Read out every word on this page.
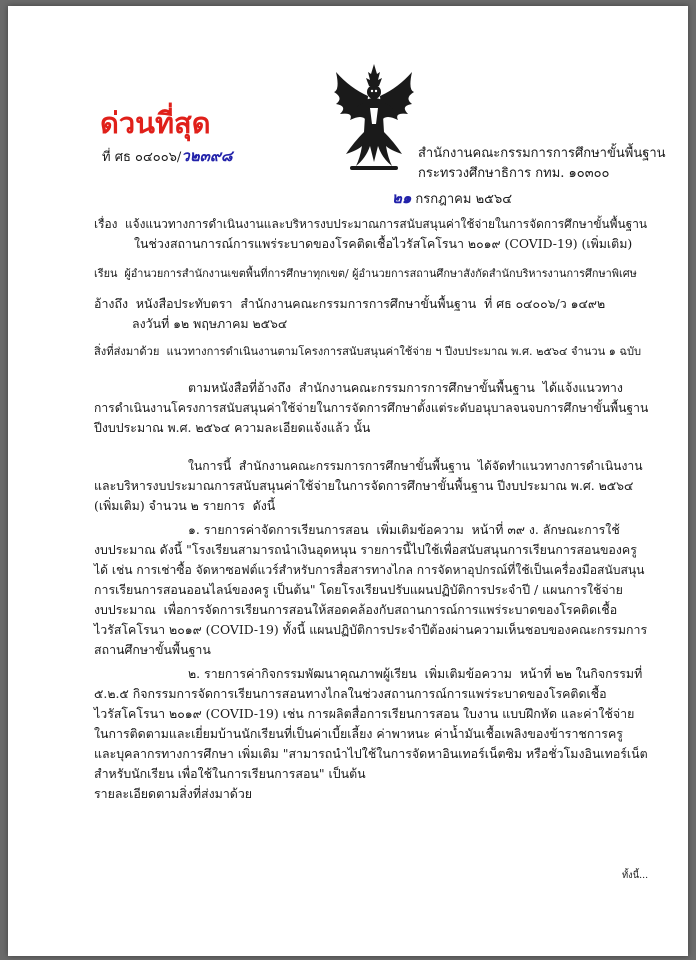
ด่วนที่สุด
ที่ ศธ ๐๔๐๐๖/ว๒๓๙๘	สำนักงานคณะกรรมการการศึกษาขั้นพื้นฐาน
กระทรวงศึกษาธิการ กทม. ๑๐๓๐๐
๒๑ กรกฎาคม ๒๕๖๔
เรื่อง  แจ้งแนวทางการดำเนินงานและบริหารงบประมาณการสนับสนุนค่าใช้จ่ายในการจัดการศึกษาขั้นพื้นฐาน
ในช่วงสถานการณ์การแพร่ระบาดของโรคติดเชื้อไวรัสโคโรนา ๒๐๑๙ (COVID-19) (เพิ่มเติม)
เรียน  ผู้อำนวยการสำนักงานเขตพื้นที่การศึกษาทุกเขต/ ผู้อำนวยการสถานศึกษาสังกัดสำนักบริหารงานการศึกษาพิเศษ
อ้างถึง  หนังสือประทับตรา  สำนักงานคณะกรรมการการศึกษาขั้นพื้นฐาน  ที่ ศธ ๐๔๐๐๖/ว ๑๔๙๒
ลงวันที่ ๑๒ พฤษภาคม ๒๕๖๔
สิ่งที่ส่งมาด้วย  แนวทางการดำเนินงานตามโครงการสนับสนุนค่าใช้จ่าย ฯ ปีงบประมาณ พ.ศ. ๒๕๖๔ จำนวน ๑ ฉบับ
ตามหนังสือที่อ้างถึง  สำนักงานคณะกรรมการการศึกษาขั้นพื้นฐาน  ได้แจ้งแนวทาง
การดำเนินงานโครงการสนับสนุนค่าใช้จ่ายในการจัดการศึกษาตั้งแต่ระดับอนุบาลจนจบการศึกษาขั้นพื้นฐาน
ปีงบประมาณ พ.ศ. ๒๕๖๔ ความละเอียดแจ้งแล้ว นั้น
ในการนี้  สำนักงานคณะกรรมการการศึกษาขั้นพื้นฐาน  ได้จัดทำแนวทางการดำเนินงาน
และบริหารงบประมาณการสนับสนุนค่าใช้จ่ายในการจัดการศึกษาขั้นพื้นฐาน ปีงบประมาณ พ.ศ. ๒๕๖๔
(เพิ่มเติม) จำนวน ๒ รายการ  ดังนี้
๑. รายการค่าจัดการเรียนการสอน  เพิ่มเติมข้อความ  หน้าที่ ๓๙ ง. ลักษณะการใช้
งบประมาณ ดังนี้ "โรงเรียนสามารถนำเงินอุดหนุน รายการนี้ไปใช้เพื่อสนับสนุนการเรียนการสอนของครู
ได้ เช่น การเช่าซื้อ จัดหาซอฟต์แวร์สำหรับการสื่อสารทางไกล การจัดหาอุปกรณ์ที่ใช้เป็นเครื่องมือสนับสนุน
การเรียนการสอนออนไลน์ของครู เป็นต้น" โดยโรงเรียนปรับแผนปฏิบัติการประจำปี / แผนการใช้จ่าย
งบประมาณ  เพื่อการจัดการเรียนการสอนให้สอดคล้องกับสถานการณ์การแพร่ระบาดของโรคติดเชื้อ
ไวรัสโคโรนา ๒๐๑๙ (COVID-19) ทั้งนี้ แผนปฏิบัติการประจำปีต้องผ่านความเห็นชอบของคณะกรรมการ
สถานศึกษาขั้นพื้นฐาน
๒. รายการค่ากิจกรรมพัฒนาคุณภาพผู้เรียน  เพิ่มเติมข้อความ  หน้าที่ ๒๒ ในกิจกรรมที่
๕.๒.๕ กิจกรรมการจัดการเรียนการสอนทางไกลในช่วงสถานการณ์การแพร่ระบาดของโรคติดเชื้อ
ไวรัสโคโรนา ๒๐๑๙ (COVID-19) เช่น การผลิตสื่อการเรียนการสอน ใบงาน แบบฝึกหัด และค่าใช้จ่าย
ในการติดตามและเยี่ยมบ้านนักเรียนที่เป็นค่าเบี้ยเลี้ยง ค่าพาหนะ ค่าน้ำมันเชื้อเพลิงของข้าราชการครู
และบุคลากรทางการศึกษา เพิ่มเติม "สามารถนำไปใช้ในการจัดหาอินเทอร์เน็ตซิม หรือชั่วโมงอินเทอร์เน็ต
สำหรับนักเรียน เพื่อใช้ในการเรียนการสอน" เป็นต้น
รายละเอียดตามสิ่งที่ส่งมาด้วย
ทั้งนี้...
